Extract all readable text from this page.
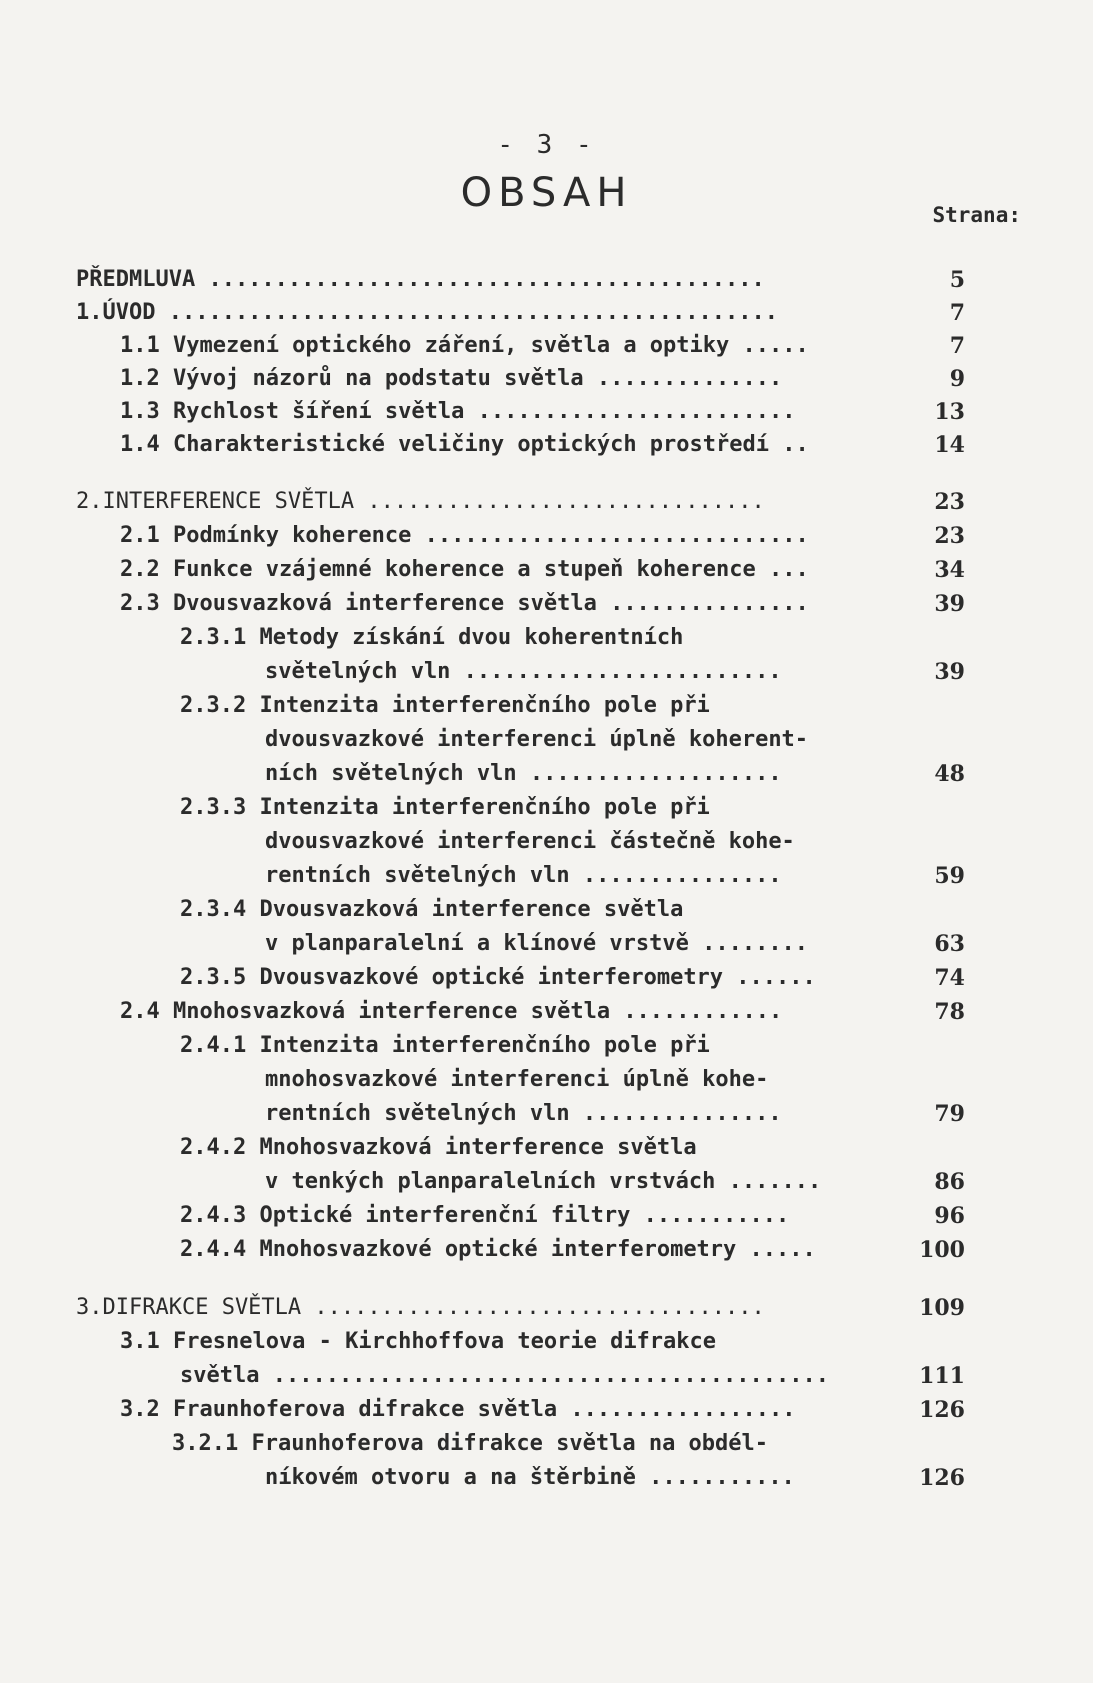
- 3 -
OBSAH	Strana:
PŘEDMLUVA ..........................................	5
1.ÚVOD ..............................................	7
1.1 Vymezení optického záření, světla a optiky .....	7
1.2 Vývoj názorů na podstatu světla ..............	9
1.3 Rychlost šíření světla ........................	13
1.4 Charakteristické veličiny optických prostředí ..	14
2.INTERFERENCE SVĚTLA ..............................	23
2.1 Podmínky koherence .............................	23
2.2 Funkce vzájemné koherence a stupeň koherence ...	34
2.3 Dvousvazková interference světla ...............	39
2.3.1 Metody získání dvou koherentních
světelných vln ........................	39
2.3.2 Intenzita interferenčního pole při
dvousvazkové interferenci úplně koherent-
ních světelných vln ...................	48
2.3.3 Intenzita interferenčního pole při
dvousvazkové interferenci částečně kohe-
rentních světelných vln ...............	59
2.3.4 Dvousvazková interference světla
v planparalelní a klínové vrstvě ........	63
2.3.5 Dvousvazkové optické interferometry ......	74
2.4 Mnohosvazková interference světla ............	78
2.4.1 Intenzita interferenčního pole při
mnohosvazkové interferenci úplně kohe-
rentních světelných vln ...............	79
2.4.2 Mnohosvazková interference světla
v tenkých planparalelních vrstvách .......	86
2.4.3 Optické interferenční filtry ...........	96
2.4.4 Mnohosvazkové optické interferometry .....	100
3.DIFRAKCE SVĚTLA ..................................	109
3.1 Fresnelova - Kirchhoffova teorie difrakce
světla ..........................................	111
3.2 Fraunhoferova difrakce světla .................	126
3.2.1 Fraunhoferova difrakce světla na obdél-
níkovém otvoru a na štěrbině ...........	126
